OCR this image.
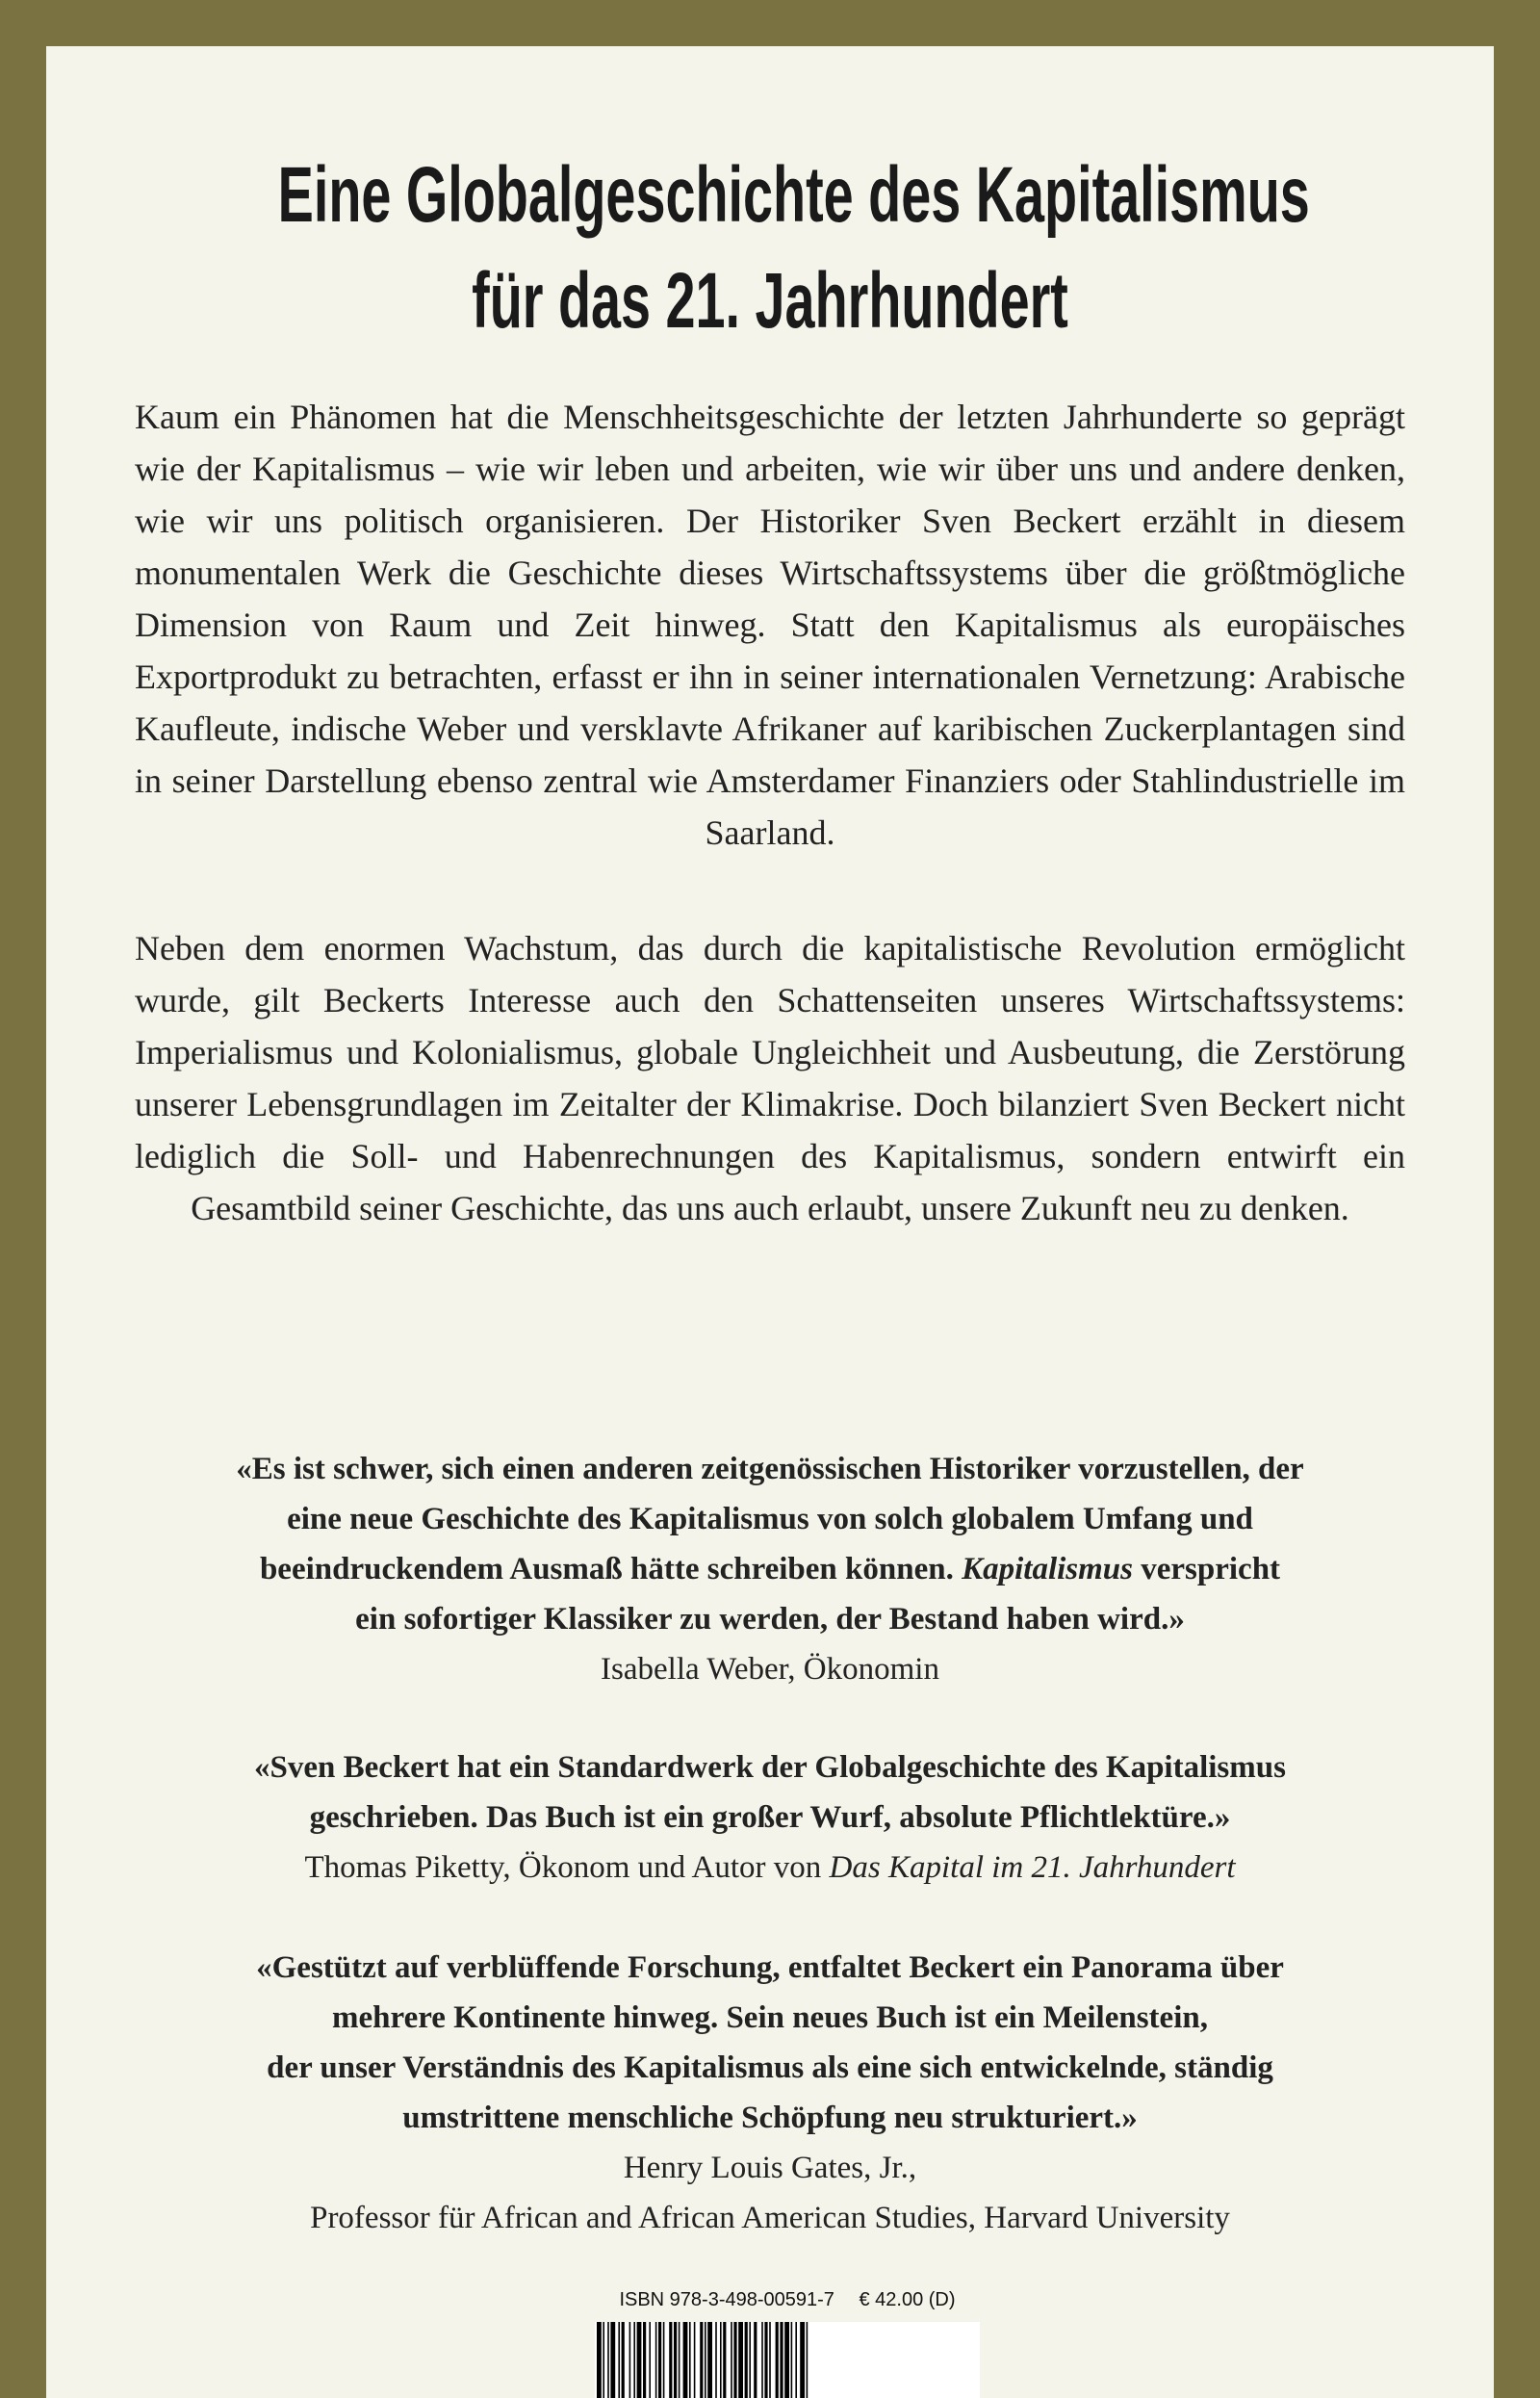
Eine Globalgeschichte des Kapitalismus
für das 21. Jahrhundert
Kaum ein Phänomen hat die Menschheitsgeschichte der letzten Jahrhunderte so geprägt wie der Kapitalismus – wie wir leben und arbeiten, wie wir über uns und andere denken, wie wir uns politisch organisieren. Der Historiker Sven Beckert erzählt in diesem monumentalen Werk die Geschichte dieses Wirtschaftssystems über die größtmögliche Dimension von Raum und Zeit hinweg. Statt den Kapitalismus als europäisches Exportprodukt zu betrachten, erfasst er ihn in seiner internationalen Vernetzung: Arabische Kaufleute, indische Weber und versklavte Afrikaner auf karibischen Zuckerplantagen sind in seiner Darstellung ebenso zentral wie Amsterdamer Finanziers oder Stahlindustrielle im Saarland.
Neben dem enormen Wachstum, das durch die kapitalistische Revolution ermöglicht wurde, gilt Beckerts Interesse auch den Schattenseiten unseres Wirtschaftssystems: Imperialismus und Kolonialismus, globale Ungleichheit und Ausbeutung, die Zerstörung unserer Lebensgrundlagen im Zeitalter der Klimakrise. Doch bilanziert Sven Beckert nicht lediglich die Soll- und Habenrechnungen des Kapitalismus, sondern entwirft ein Gesamtbild seiner Geschichte, das uns auch erlaubt, unsere Zukunft neu zu denken.
«Es ist schwer, sich einen anderen zeitgenössischen Historiker vorzustellen, der
eine neue Geschichte des Kapitalismus von solch globalem Umfang und
beeindruckendem Ausmaß hätte schreiben können. Kapitalismus verspricht
ein sofortiger Klassiker zu werden, der Bestand haben wird.»
Isabella Weber, Ökonomin
«Sven Beckert hat ein Standardwerk der Globalgeschichte des Kapitalismus
geschrieben. Das Buch ist ein großer Wurf, absolute Pflichtlektüre.»
Thomas Piketty, Ökonom und Autor von Das Kapital im 21. Jahrhundert
«Gestützt auf verblüffende Forschung, entfaltet Beckert ein Panorama über
mehrere Kontinente hinweg. Sein neues Buch ist ein Meilenstein,
der unser Verständnis des Kapitalismus als eine sich entwickelnde, ständig
umstrittene menschliche Schöpfung neu strukturiert.»
Henry Louis Gates, Jr.,
Professor für African and African American Studies, Harvard University
ISBN 978-3-498-00591-7 € 42.00 (D)
